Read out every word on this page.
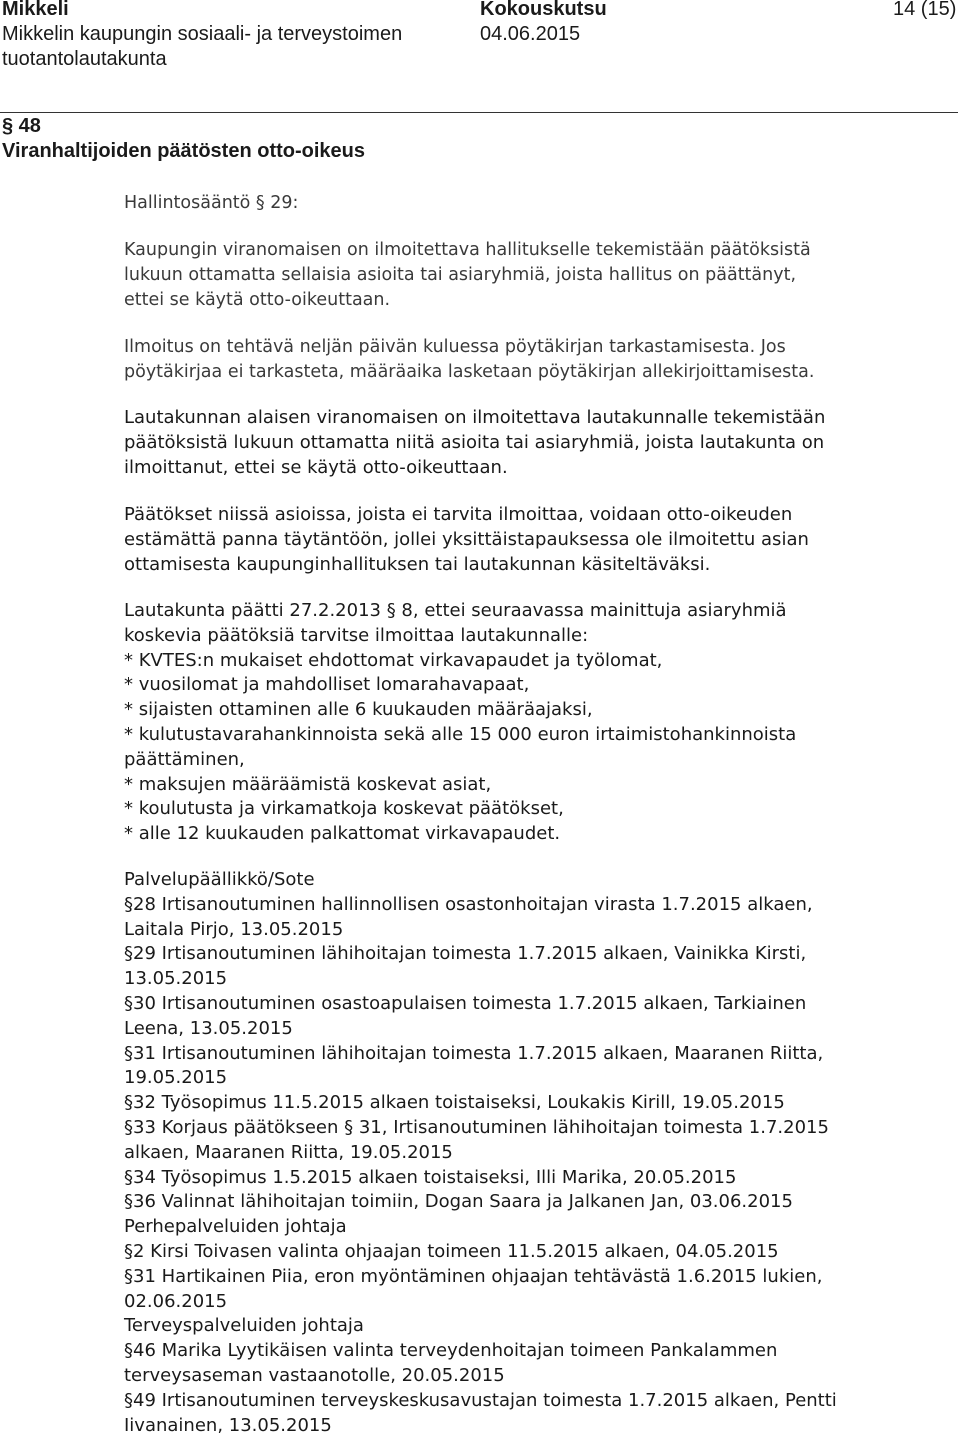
Mikkeli
Mikkelin kaupungin sosiaali- ja terveystoimen
tuotantolautakunta
Kokouskutsu
04.06.2015
14 (15)
§ 48
Viranhaltijoiden päätösten otto-oikeus
Hallintosääntö § 29:
Kaupungin viranomaisen on ilmoitettava hallitukselle tekemistään päätöksistä
lukuun ottamatta sellaisia asioita tai asiaryhmiä, joista hallitus on päättänyt,
ettei se käytä otto-oikeuttaan.
Ilmoitus on tehtävä neljän päivän kuluessa pöytäkirjan tarkastamisesta. Jos
pöytäkirjaa ei tarkasteta, määräaika lasketaan pöytäkirjan allekirjoittamisesta.
Lautakunnan alaisen viranomaisen on ilmoitettava lautakunnalle tekemistään
päätöksistä lukuun ottamatta niitä asioita tai asiaryhmiä, joista lautakunta on
ilmoittanut, ettei se käytä otto-oikeuttaan.
Päätökset niissä asioissa, joista ei tarvita ilmoittaa, voidaan otto-oikeuden
estämättä panna täytäntöön, jollei yksittäistapauksessa ole ilmoitettu asian
ottamisesta kaupunginhallituksen tai lautakunnan käsiteltäväksi.
Lautakunta päätti 27.2.2013 § 8, ettei seuraavassa mainittuja asiaryhmiä
koskevia päätöksiä tarvitse ilmoittaa lautakunnalle:
* KVTES:n mukaiset ehdottomat virkavapaudet ja työlomat,
* vuosilomat ja mahdolliset lomarahavapaat,
* sijaisten ottaminen alle 6 kuukauden määräajaksi,
* kulutustavarahankinnoista sekä alle 15 000 euron irtaimistohankinnoista
päättäminen,
* maksujen määräämistä koskevat asiat,
* koulutusta ja virkamatkoja koskevat päätökset,
* alle 12 kuukauden palkattomat virkavapaudet.
Palvelupäällikkö/Sote
§28 Irtisanoutuminen hallinnollisen osastonhoitajan virasta 1.7.2015 alkaen,
Laitala Pirjo, 13.05.2015
§29 Irtisanoutuminen lähihoitajan toimesta 1.7.2015 alkaen, Vainikka Kirsti,
13.05.2015
§30 Irtisanoutuminen osastoapulaisen toimesta 1.7.2015 alkaen, Tarkiainen
Leena, 13.05.2015
§31 Irtisanoutuminen lähihoitajan toimesta 1.7.2015 alkaen, Maaranen Riitta,
19.05.2015
§32 Työsopimus 11.5.2015 alkaen toistaiseksi, Loukakis Kirill, 19.05.2015
§33 Korjaus päätökseen § 31, Irtisanoutuminen lähihoitajan toimesta 1.7.2015
alkaen, Maaranen Riitta, 19.05.2015
§34 Työsopimus 1.5.2015 alkaen toistaiseksi, Illi Marika, 20.05.2015
§36 Valinnat lähihoitajan toimiin, Dogan Saara ja Jalkanen Jan, 03.06.2015
Perhepalveluiden johtaja
§2 Kirsi Toivasen valinta ohjaajan toimeen 11.5.2015 alkaen, 04.05.2015
§31 Hartikainen Piia, eron myöntäminen ohjaajan tehtävästä 1.6.2015 lukien,
02.06.2015
Terveyspalveluiden johtaja
§46 Marika Lyytikäisen valinta terveydenhoitajan toimeen Pankalammen
terveysaseman vastaanotolle, 20.05.2015
§49 Irtisanoutuminen terveyskeskusavustajan toimesta 1.7.2015 alkaen, Pentti
Iivanainen, 13.05.2015
